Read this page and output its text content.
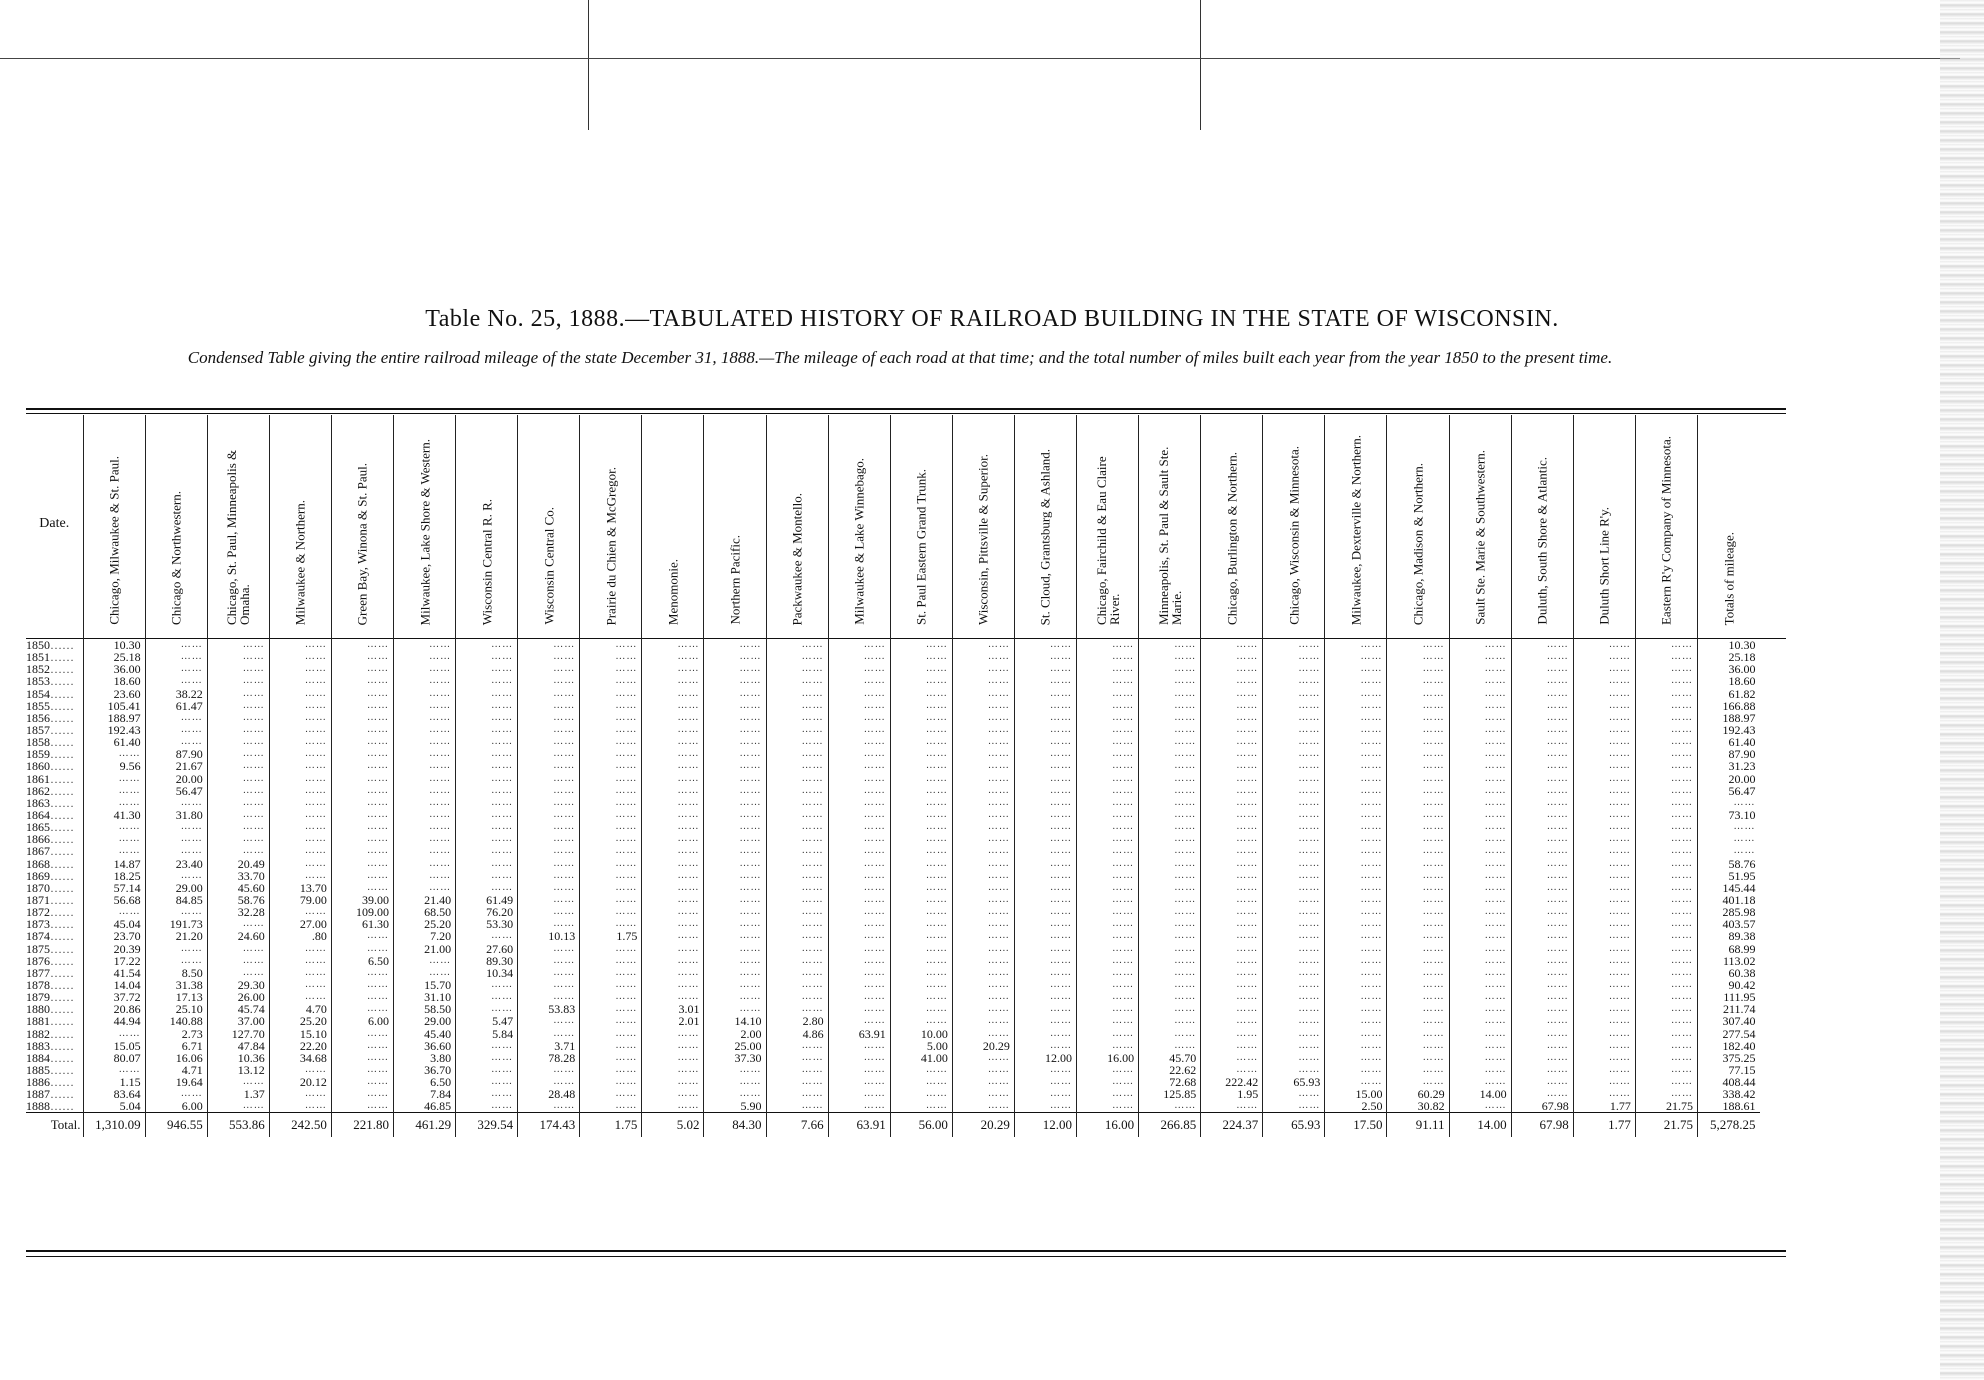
Table No. 25, 1888.—TABULATED HISTORY OF RAILROAD BUILDING IN THE STATE OF WISCONSIN.
Condensed Table giving the entire railroad mileage of the state December 31, 1888.—The mileage of each road at that time; and the total number of miles built each year from the year 1850 to the present time.
Date.	Chicago, Milwaukee & St. Paul.	Chicago & Northwestern.	Chicago, St. Paul, Minneapolis & Omaha.	Milwaukee & Northern.	Green Bay, Winona & St. Paul.	Milwaukee, Lake Shore & Western.	Wisconsin Central R. R.	Wisconsin Central Co.	Prairie du Chien & McGregor.	Menomonie.	Northern Pacific.	Packwaukee & Montello.	Milwaukee & Lake Winnebago.	St. Paul Eastern Grand Trunk.	Wisconsin, Pittsville & Superior.	St. Cloud, Grantsburg & Ashland.	Chicago, Fairchild & Eau Claire River.	Minneapolis, St. Paul & Sault Ste. Marie.	Chicago, Burlington & Northern.	Chicago, Wisconsin & Minnesota.	Milwaukee, Dexterville & Northern.	Chicago, Madison & Northern.	Sault Ste. Marie & Southwestern.	Duluth, South Shore & Atlantic.	Duluth Short Line R'y.	Eastern R'y Company of Minnesota.	Totals of mileage.

1850 ……	10.30	……	……	……	……	……	……	……	……	……	……	……	……	……	……	……	……	……	……	……	……	……	……	……	……	……	10.30
1851 ……	25.18	……	……	……	……	……	……	……	……	……	……	……	……	……	……	……	……	……	……	……	……	……	……	……	……	……	25.18
1852 ……	36.00	……	……	……	……	……	……	……	……	……	……	……	……	……	……	……	……	……	……	……	……	……	……	……	……	……	36.00
1853 ……	18.60	……	……	……	……	……	……	……	……	……	……	……	……	……	……	……	……	……	……	……	……	……	……	……	……	……	18.60
1854 ……	23.60	38.22	……	……	……	……	……	……	……	……	……	……	……	……	……	……	……	……	……	……	……	……	……	……	……	……	61.82
1855 ……	105.41	61.47	……	……	……	……	……	……	……	……	……	……	……	……	……	……	……	……	……	……	……	……	……	……	……	……	166.88
1856 ……	188.97	……	……	……	……	……	……	……	……	……	……	……	……	……	……	……	……	……	……	……	……	……	……	……	……	……	188.97
1857 ……	192.43	……	……	……	……	……	……	……	……	……	……	……	……	……	……	……	……	……	……	……	……	……	……	……	……	……	192.43
1858 ……	61.40	……	……	……	……	……	……	……	……	……	……	……	……	……	……	……	……	……	……	……	……	……	……	……	……	……	61.40
1859 ……	……	87.90	……	……	……	……	……	……	……	……	……	……	……	……	……	……	……	……	……	……	……	……	……	……	……	……	87.90
1860 ……	9.56	21.67	……	……	……	……	……	……	……	……	……	……	……	……	……	……	……	……	……	……	……	……	……	……	……	……	31.23
1861 ……	……	20.00	……	……	……	……	……	……	……	……	……	……	……	……	……	……	……	……	……	……	……	……	……	……	……	……	20.00
1862 ……	……	56.47	……	……	……	……	……	……	……	……	……	……	……	……	……	……	……	……	……	……	……	……	……	……	……	……	56.47
1863 ……	……	……	……	……	……	……	……	……	……	……	……	……	……	……	……	……	……	……	……	……	……	……	……	……	……	……	……
1864 ……	41.30	31.80	……	……	……	……	……	……	……	……	……	……	……	……	……	……	……	……	……	……	……	……	……	……	……	……	73.10
1865 ……	……	……	……	……	……	……	……	……	……	……	……	……	……	……	……	……	……	……	……	……	……	……	……	……	……	……	……
1866 ……	……	……	……	……	……	……	……	……	……	……	……	……	……	……	……	……	……	……	……	……	……	……	……	……	……	……	……
1867 ……	……	……	……	……	……	……	……	……	……	……	……	……	……	……	……	……	……	……	……	……	……	……	……	……	……	……	……
1868 ……	14.87	23.40	20.49	……	……	……	……	……	……	……	……	……	……	……	……	……	……	……	……	……	……	……	……	……	……	……	58.76
1869 ……	18.25	……	33.70	……	……	……	……	……	……	……	……	……	……	……	……	……	……	……	……	……	……	……	……	……	……	……	51.95
1870 ……	57.14	29.00	45.60	13.70	……	……	……	……	……	……	……	……	……	……	……	……	……	……	……	……	……	……	……	……	……	……	145.44
1871 ……	56.68	84.85	58.76	79.00	39.00	21.40	61.49	……	……	……	……	……	……	……	……	……	……	……	……	……	……	……	……	……	……	……	401.18
1872 ……	……	……	32.28	……	109.00	68.50	76.20	……	……	……	……	……	……	……	……	……	……	……	……	……	……	……	……	……	……	……	285.98
1873 ……	45.04	191.73	……	27.00	61.30	25.20	53.30	……	……	……	……	……	……	……	……	……	……	……	……	……	……	……	……	……	……	……	403.57
1874 ……	23.70	21.20	24.60	.80	……	7.20	……	10.13	1.75	……	……	……	……	……	……	……	……	……	……	……	……	……	……	……	……	……	89.38
1875 ……	20.39	……	……	……	……	21.00	27.60	……	……	……	……	……	……	……	……	……	……	……	……	……	……	……	……	……	……	……	68.99
1876 ……	17.22	……	……	……	6.50	……	89.30	……	……	……	……	……	……	……	……	……	……	……	……	……	……	……	……	……	……	……	113.02
1877 ……	41.54	8.50	……	……	……	……	10.34	……	……	……	……	……	……	……	……	……	……	……	……	……	……	……	……	……	……	……	60.38
1878 ……	14.04	31.38	29.30	……	……	15.70	……	……	……	……	……	……	……	……	……	……	……	……	……	……	……	……	……	……	……	……	90.42
1879 ……	37.72	17.13	26.00	……	……	31.10	……	……	……	……	……	……	……	……	……	……	……	……	……	……	……	……	……	……	……	……	111.95
1880 ……	20.86	25.10	45.74	4.70	……	58.50	……	53.83	……	3.01	……	……	……	……	……	……	……	……	……	……	……	……	……	……	……	……	211.74
1881 ……	44.94	140.88	37.00	25.20	6.00	29.00	5.47	……	……	2.01	14.10	2.80	……	……	……	……	……	……	……	……	……	……	……	……	……	……	307.40
1882 ……	……	2.73	127.70	15.10	……	45.40	5.84	……	……	……	2.00	4.86	63.91	10.00	……	……	……	……	……	……	……	……	……	……	……	……	277.54
1883 ……	15.05	6.71	47.84	22.20	……	36.60	……	3.71	……	……	25.00	……	……	5.00	20.29	……	……	……	……	……	……	……	……	……	……	……	182.40
1884 ……	80.07	16.06	10.36	34.68	……	3.80	……	78.28	……	……	37.30	……	……	41.00	……	12.00	16.00	45.70	……	……	……	……	……	……	……	……	375.25
1885 ……	……	4.71	13.12	……	……	36.70	……	……	……	……	……	……	……	……	……	……	……	22.62	……	……	……	……	……	……	……	……	77.15
1886 ……	1.15	19.64	……	20.12	……	6.50	……	……	……	……	……	……	……	……	……	……	……	72.68	222.42	65.93	……	……	……	……	……	……	408.44
1887 ……	83.64	……	1.37	……	……	7.84	……	28.48	……	……	……	……	……	……	……	……	……	125.85	1.95	……	15.00	60.29	14.00	……	……	……	338.42
1888 ……	5.04	6.00	……	……	……	46.85	……	……	……	……	5.90	……	……	……	……	……	……	……	……	……	2.50	30.82	……	67.98	1.77	21.75	188.61
Total.	1,310.09	946.55	553.86	242.50	221.80	461.29	329.54	174.43	1.75	5.02	84.30	7.66	63.91	56.00	20.29	12.00	16.00	266.85	224.37	65.93	17.50	91.11	14.00	67.98	1.77	21.75	5,278.25
